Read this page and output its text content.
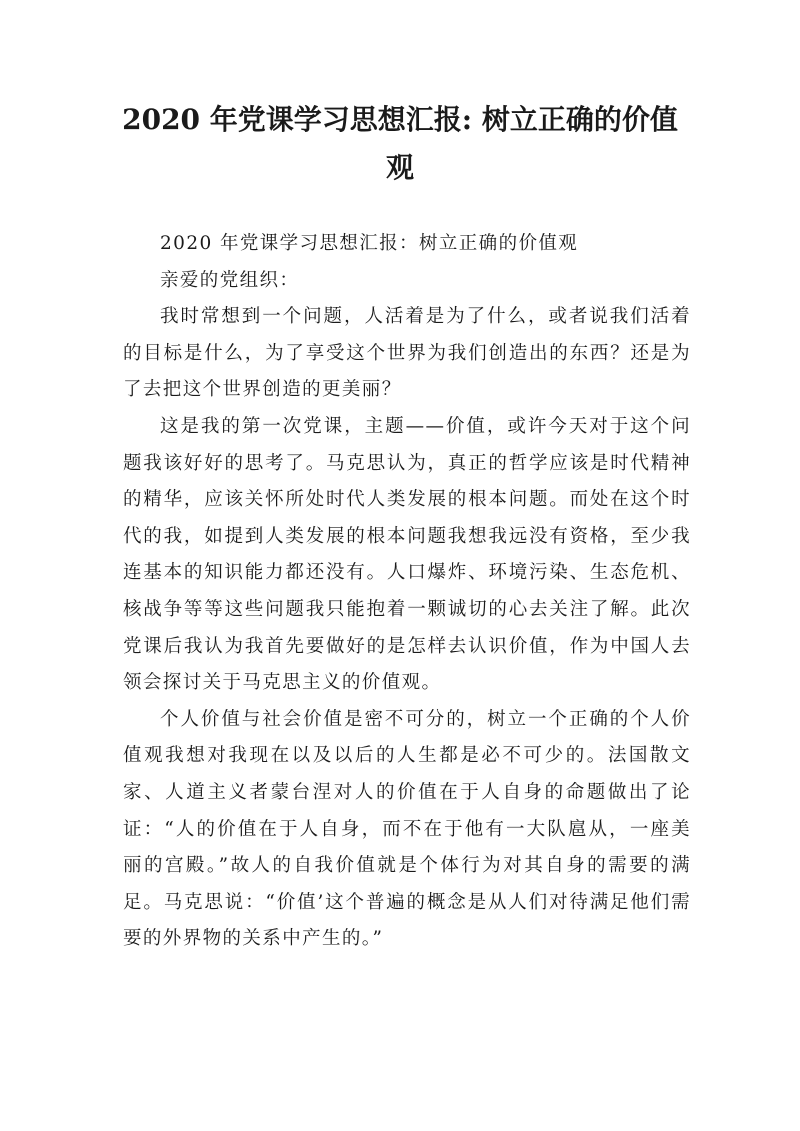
2020 年党课学习思想汇报: 树立正确的价值观

2020 年党课学习思想汇报：树立正确的价值观

亲爱的党组织：

我时常想到一个问题，人活着是为了什么，或者说我们活着的目标是什么，为了享受这个世界为我们创造出的东西？还是为了去把这个世界创造的更美丽？

这是我的第一次党课，主题——价值，或许今天对于这个问题我该好好的思考了。马克思认为，真正的哲学应该是时代精神的精华，应该关怀所处时代人类发展的根本问题。而处在这个时代的我，如提到人类发展的根本问题我想我远没有资格，至少我连基本的知识能力都还没有。人口爆炸、环境污染、生态危机、核战争等等这些问题我只能抱着一颗诚切的心去关注了解。此次党课后我认为我首先要做好的是怎样去认识价值，作为中国人去领会探讨关于马克思主义的价值观。

个人价值与社会价值是密不可分的，树立一个正确的个人价值观我想对我现在以及以后的人生都是必不可少的。法国散文家、人道主义者蒙台涅对人的价值在于人自身的命题做出了论证：“人的价值在于人自身，而不在于他有一大队扈从，一座美丽的宫殿。”故人的自我价值就是个体行为对其自身的需要的满足。马克思说：“价值’这个普遍的概念是从人们对待满足他们需要的外界物的关系中产生的。”
